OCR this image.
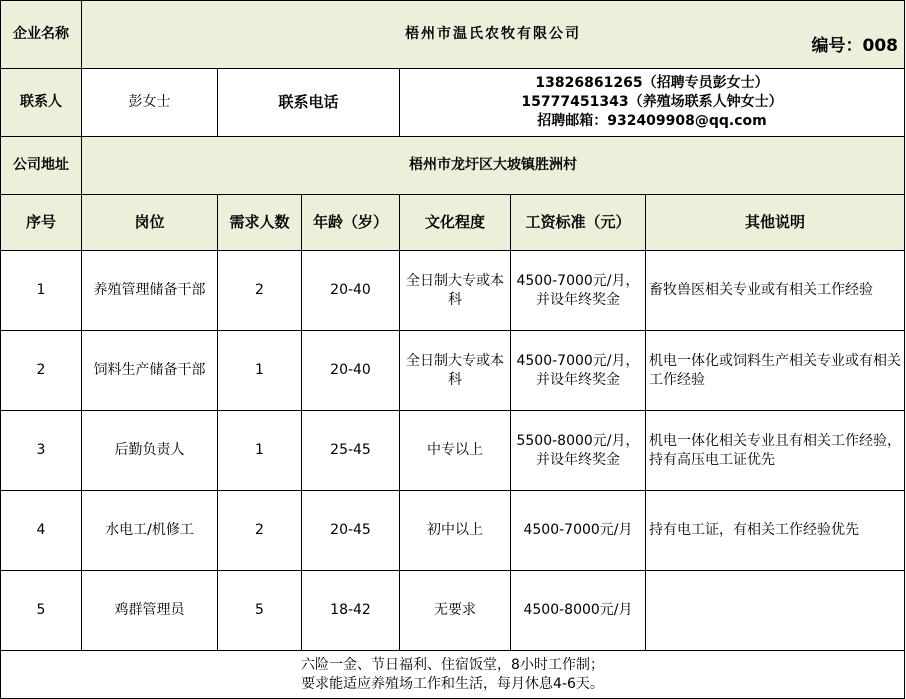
企业名称	梧州市温氏农牧有限公司
编号：008					

联系人	彭女士	联系电话		13826861265（招聘专员彭女士）
15777451343（养殖场联系人钟女士）
招聘邮箱：932409908@qq.com		

公司地址	梧州市龙圩区大坡镇胜洲村					
序号	岗位	需求人数	年龄（岁）	文化程度	工资标准（元）	其他说明
1	养殖管理储备干部	2	20-40	全日制大专或本科	4500-7000元/月，并设年终奖金	畜牧兽医相关专业或有相关工作经验
2	饲料生产储备干部	1	20-40	全日制大专或本科	4500-7000元/月，并设年终奖金	机电一体化或饲料生产相关专业或有相关工作经验
3	后勤负责人	1	25-45	中专以上	5500-8000元/月，并设年终奖金	机电一体化相关专业且有相关工作经验，持有高压电工证优先
4	水电工/机修工	2	20-45	初中以上	4500-7000元/月	持有电工证，有相关工作经验优先
5	鸡群管理员	5	18-42	无要求	4500-8000元/月	

六险一金、节日福利、住宿饭堂，8小时工作制；
要求能适应养殖场工作和生活，每月休息4-6天。						
